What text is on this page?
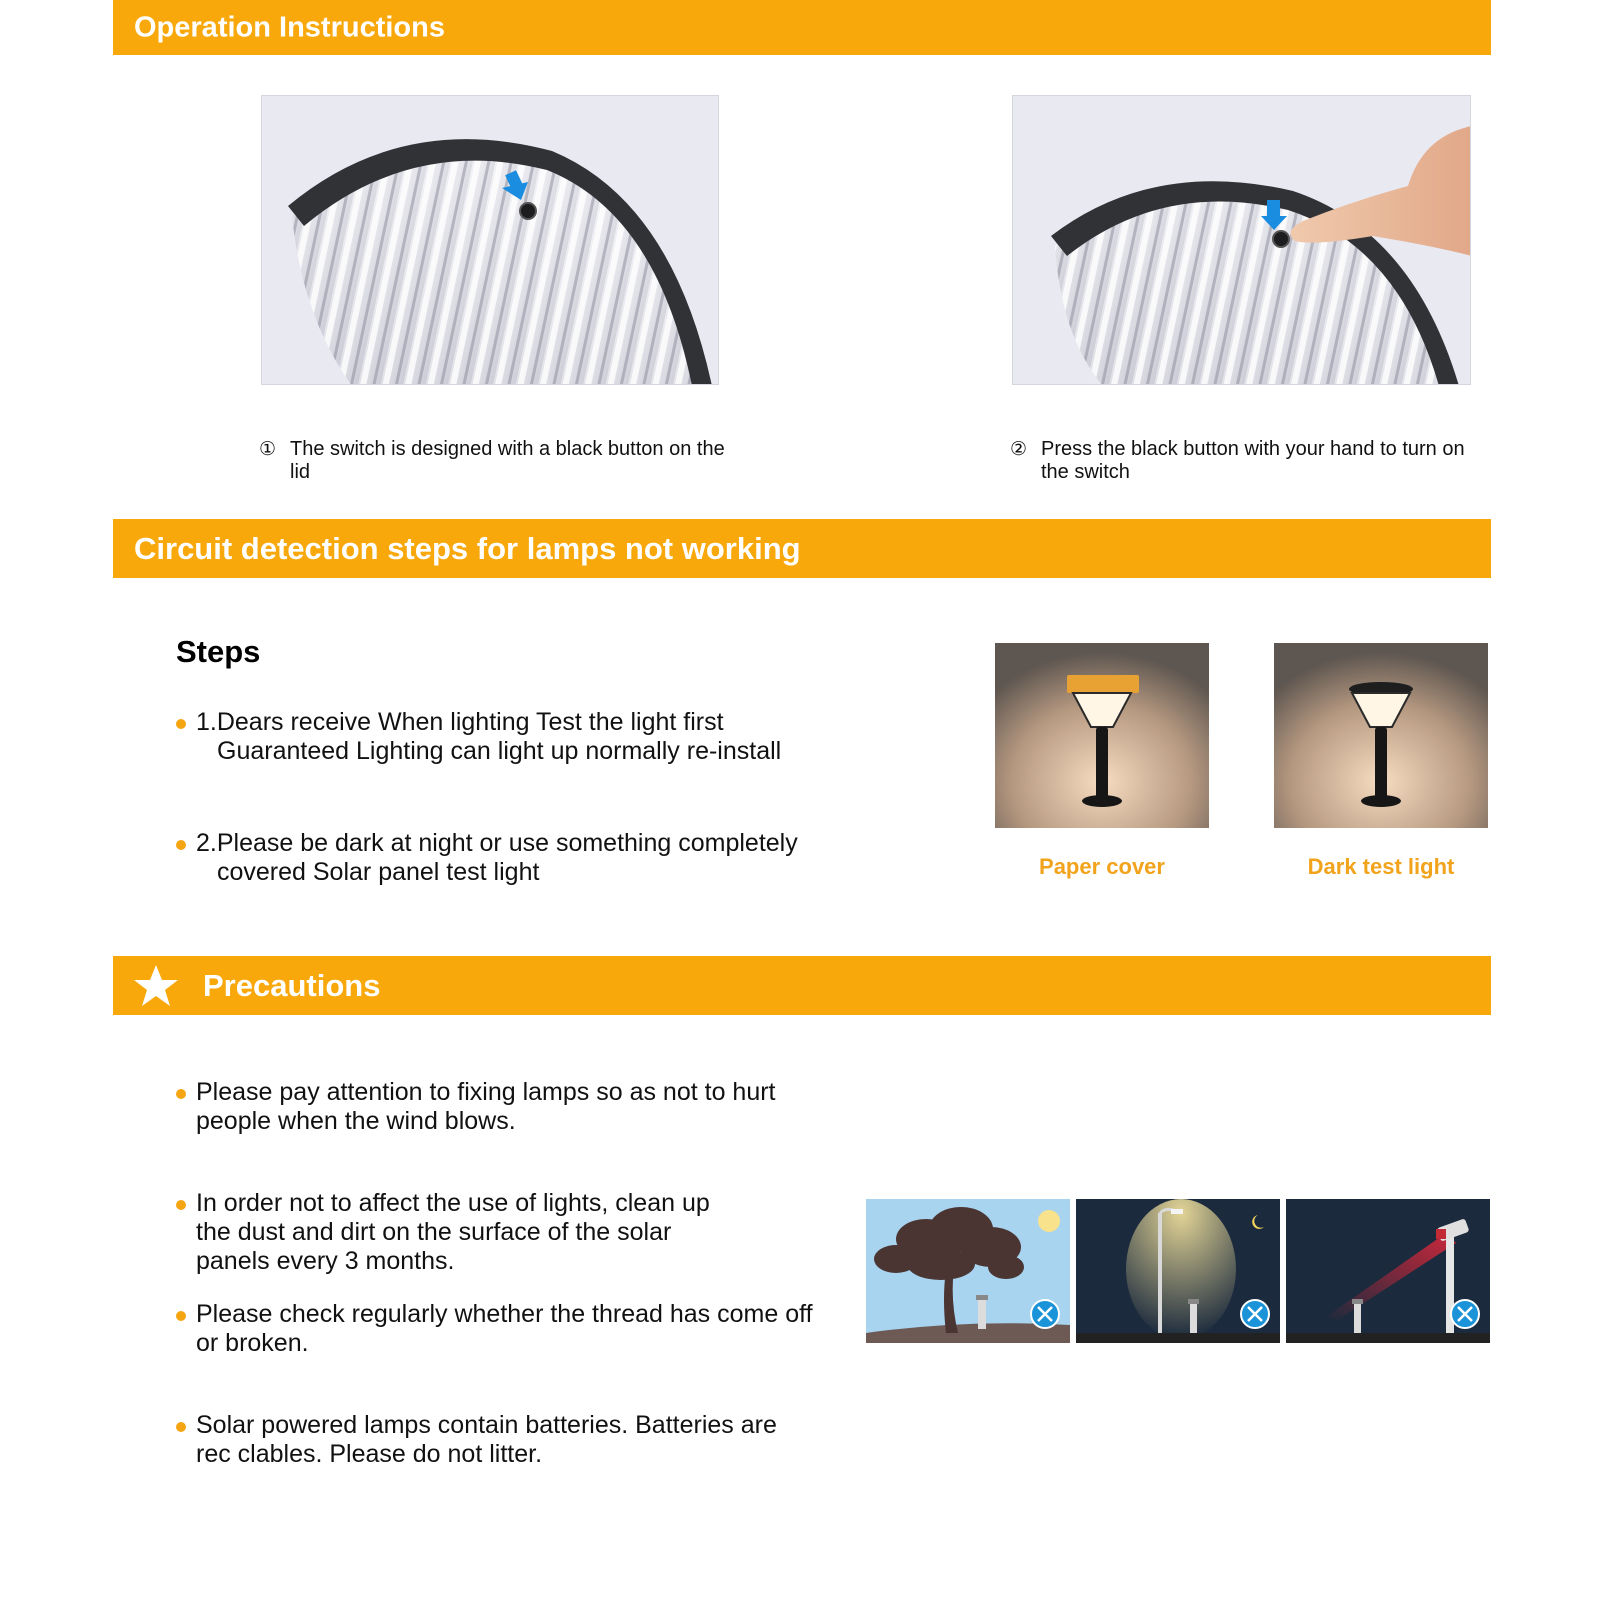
Operation Instructions
① The switch is designed with a black button on the lid
② Press the black button with your hand to turn on the switch
Circuit detection steps for lamps not working
Steps
1.Dears receive When lighting Test the light first
Guaranteed Lighting can light up normally re-install
2.Please be dark at night or use something completely
covered Solar panel test light	Paper cover	Dark test light
Precautions
Please pay attention to fixing lamps so as not to hurt people when the wind blows.
In order not to affect the use of lights, clean up the dust and dirt on the surface of the solar panels every 3 months.
Please check regularly whether the thread has come off or broken.
Solar powered lamps contain batteries. Batteries are rec clables. Please do not litter.
